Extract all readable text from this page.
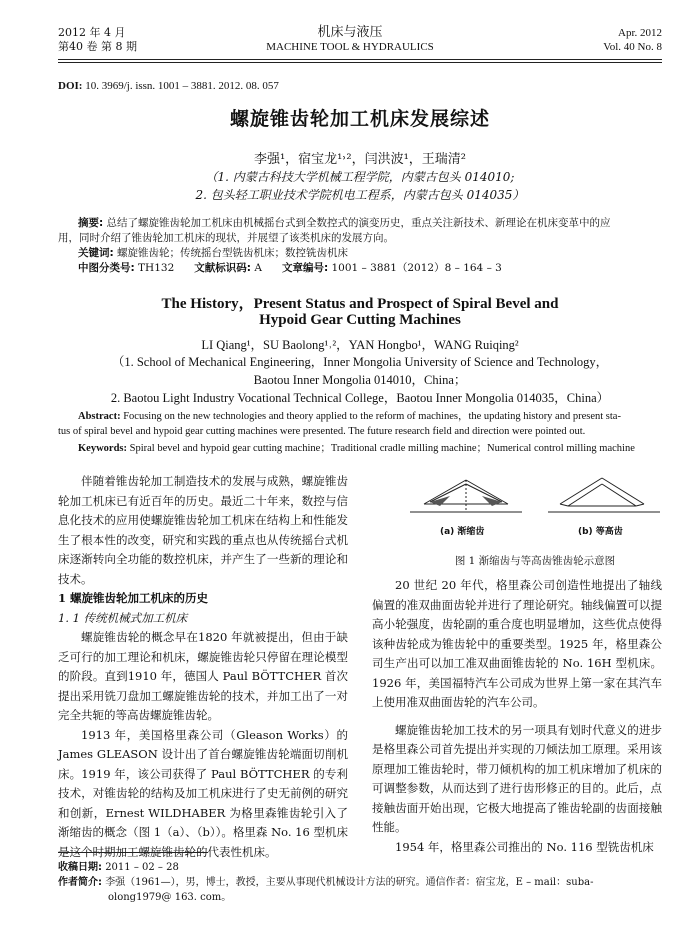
2012 年 4 月
第40 卷 第 8 期
机床与液压
MACHINE TOOL & HYDRAULICS
Apr. 2012
Vol. 40 No. 8
DOI: 10. 3969/j. issn. 1001 – 3881. 2012. 08. 057
螺旋锥齿轮加工机床发展综述
李强¹，宿宝龙¹˒²，闫洪波¹，王瑞清²
（1. 内蒙古科技大学机械工程学院，内蒙古包头 014010;
2. 包头轻工职业技术学院机电工程系，内蒙古包头 014035）
摘要: 总结了螺旋锥齿轮加工机床由机械摇台式到全数控式的演变历史，重点关注新技术、新理论在机床变革中的应
用，同时介绍了锥齿轮加工机床的现状，并展望了该类机床的发展方向。
关键词: 螺旋锥齿轮；传统摇台型铣齿机床；数控铣齿机床
中图分类号: TH132 文献标识码: A 文章编号: 1001 – 3881（2012）8 – 164 – 3
The History，Present Status and Prospect of Spiral Bevel and
Hypoid Gear Cutting Machines
LI Qiang¹，SU Baolong¹˒²，YAN Hongbo¹，WANG Ruiqing²
（1. School of Mechanical Engineering，Inner Mongolia University of Science and Technology，
Baotou Inner Mongolia 014010，China；
2. Baotou Light Industry Vocational Technical College，Baotou Inner Mongolia 014035，China）
Abstract: Focusing on the new technologies and theory applied to the reform of machines，the updating history and present sta-
tus of spiral bevel and hypoid gear cutting machines were presented. The future research field and direction were pointed out.
Keywords: Spiral bevel and hypoid gear cutting machine；Traditional cradle milling machine；Numerical control milling machine

伴随着锥齿轮加工制造技术的发展与成熟，螺旋锥齿轮加工机床已有近百年的历史。最近二十年来，数控与信息化技术的应用使螺旋锥齿轮加工机床在结构上和性能发生了根本性的改变，研究和实践的重点也从传统摇台式机床逐渐转向全功能的数控机床，并产生了一些新的理论和技术。

1 螺旋锥齿轮加工机床的历史

1. 1 传统机械式加工机床

螺旋锥齿轮的概念早在1820 年就被提出，但由于缺乏可行的加工理论和机床，螺旋锥齿轮只停留在理论模型的阶段。直到1910 年，德国人 Paul BÖTTCHER 首次提出采用铣刀盘加工螺旋锥齿轮的技术，并加工出了一对完全共轭的等高齿螺旋锥齿轮。

1913 年，美国格里森公司（Gleason Works）的 James GLEASON 设计出了首台螺旋锥齿轮端面切削机床。1919 年，该公司获得了 Paul BÖTTCHER 的专利技术，对锥齿轮的结构及加工机床进行了史无前例的研究和创新，Ernest WILDHABER 为格里森锥齿轮引入了渐缩齿的概念（图 1（a）、（b））。格里森 No. 16 型机床是这个时期加工螺旋锥齿轮的代表性机床。

(a) 渐缩齿	(b) 等高齿
图 1 渐缩齿与等高齿锥齿轮示意图

20 世纪 20 年代，格里森公司创造性地提出了轴线偏置的准双曲面齿轮并进行了理论研究。轴线偏置可以提高小轮强度，齿轮副的重合度也明显增加，这些优点使得该种齿轮成为锥齿轮中的重要类型。1925 年，格里森公司生产出可以加工准双曲面锥齿轮的 No. 16H 型机床。1926 年，美国福特汽车公司成为世界上第一家在其汽车上使用准双曲面齿轮的汽车公司。

螺旋锥齿轮加工技术的另一项具有划时代意义的进步是格里森公司首先提出并实现的刀倾法加工原理。采用该原理加工锥齿轮时，带刀倾机构的加工机床增加了机床的可调整参数，从而达到了进行齿形修正的目的。此后，点接触齿面开始出现，它极大地提高了锥齿轮副的齿面接触性能。

1954 年，格里森公司推出的 No. 116 型铣齿机床

收稿日期: 2011 – 02 – 28
作者简介: 李强（1961—），男，博士，教授，主要从事现代机械设计方法的研究。通信作者：宿宝龙，E – mail：suba-
olong1979@ 163. com。
